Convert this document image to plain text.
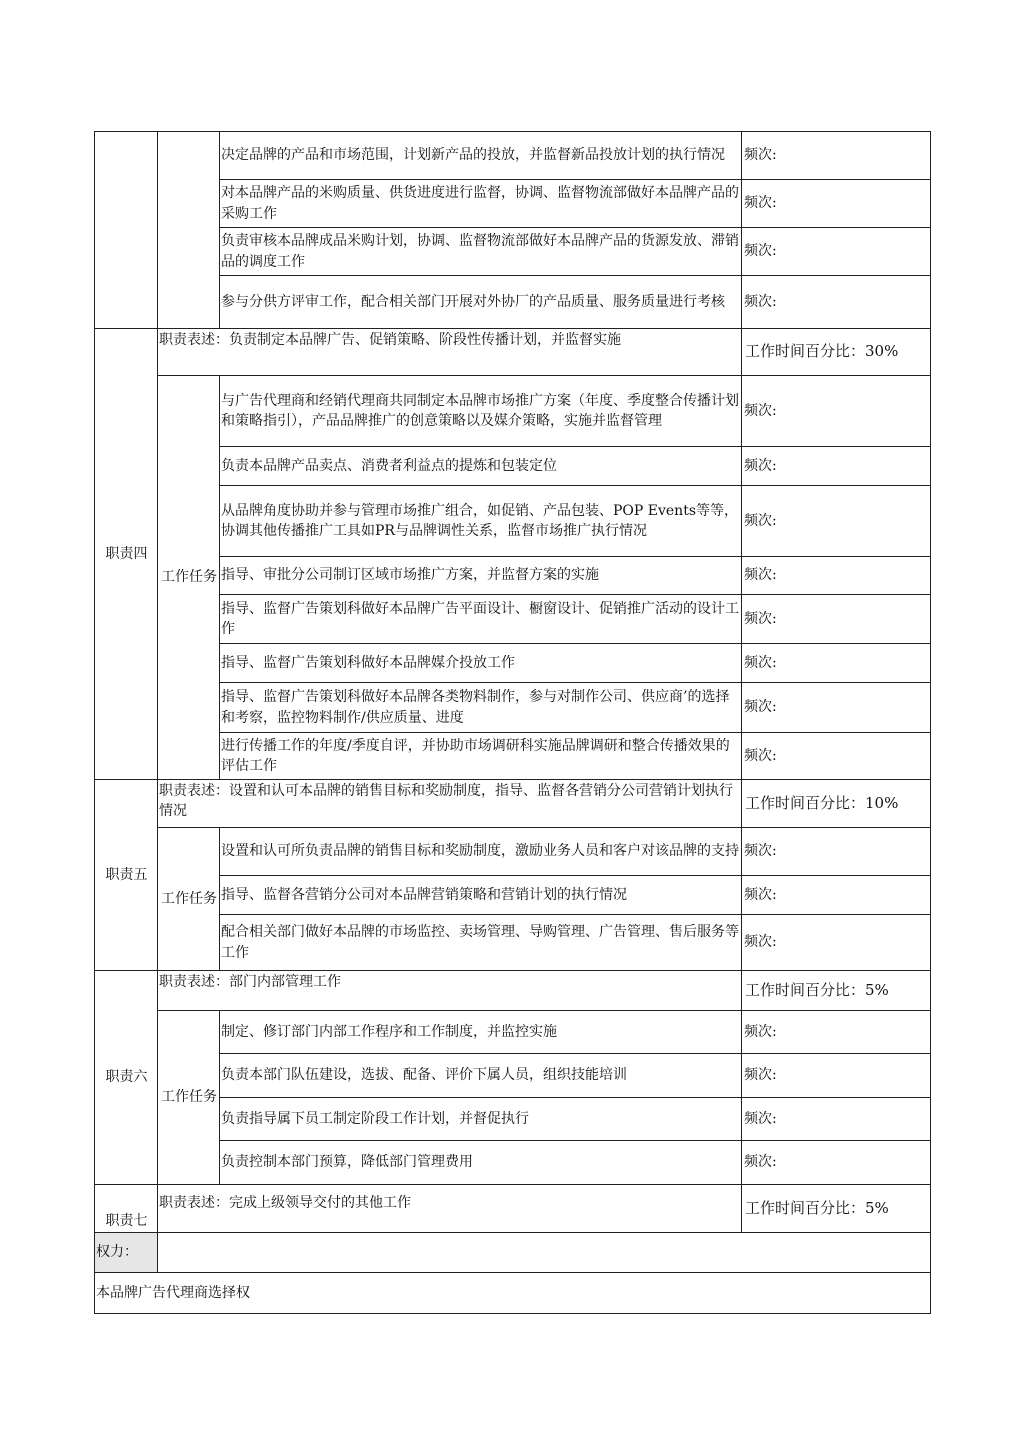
		决定品牌的产品和市场范围，计划新产品的投放，并监督新品投放计划的执行情况	频次:
		对本品牌产品的米购质量、供货进度进行监督，协调、监督物流部做好本品牌产品的采购工作	频次:
		负责审核本品牌成品米购计划，协调、监督物流部做好本品牌产品的货源发放、滞销品的调度工作	频次:
		参与分供方评审工作，配合相关部门开展对外协厂的产品质量、服务质量进行考核	频次:
职责四	职责表述：负责制定本品牌广告、促销策略、阶段性传播计划，并监督实施		工作时间百分比：30%
	工作任务	与广告代理商和经销代理商共同制定本品牌市场推广方案（年度、季度整合传播计划和策略指引），产品品牌推广的创意策略以及媒介策略，实施并监督管理	频次:
		负责本品牌产品卖点、消费者利益点的提炼和包装定位	频次:
		从品牌角度协助并参与管理市场推广组合，如促销、产品包装、POP Events等等，协调其他传播推广工具如PR与品牌调性关系，监督市场推广执行情况	频次:
		指导、审批分公司制订区域市场推广方案，并监督方案的实施	频次:
		指导、监督广告策划科做好本品牌广告平面设计、橱窗设计、促销推广活动的设计工作	频次:
		指导、监督广告策划科做好本品牌媒介投放工作	频次:
		指导、监督广告策划科做好本品牌各类物料制作，参与对制作公司、供应商’的选择和考察，监控物料制作/供应质量、进度	频次:
		进行传播工作的年度/季度自评，并协助市场调研科实施品牌调研和整合传播效果的评估工作	频次:
职责五	职责表述：设置和认可本品牌的销售目标和奖励制度，指导、监督各营销分公司营销计划执行情况		工作时间百分比：10%
	工作任务	设置和认可所负责品牌的销售目标和奖励制度，激励业务人员和客户对该品牌的支持	频次:
		指导、监督各营销分公司对本品牌营销策略和营销计划的执行情况	频次:
		配合相关部门做好本品牌的市场监控、卖场管理、导购管理、广告管理、售后服务等工作	频次:
职责六	职责表述：部门内部管理工作		工作时间百分比：5%
	工作任务	制定、修订部门内部工作程序和工作制度，并监控实施	频次:
		负责本部门队伍建设，选拔、配备、评价下属人员，组织技能培训	频次:
		负责指导属下员工制定阶段工作计划，并督促执行	频次:
		负责控制本部门预算，降低部门管理费用	频次:
职责七	职责表述：完成上级领导交付的其他工作		工作时间百分比：5%
权力：			
本品牌广告代理商选择权			
